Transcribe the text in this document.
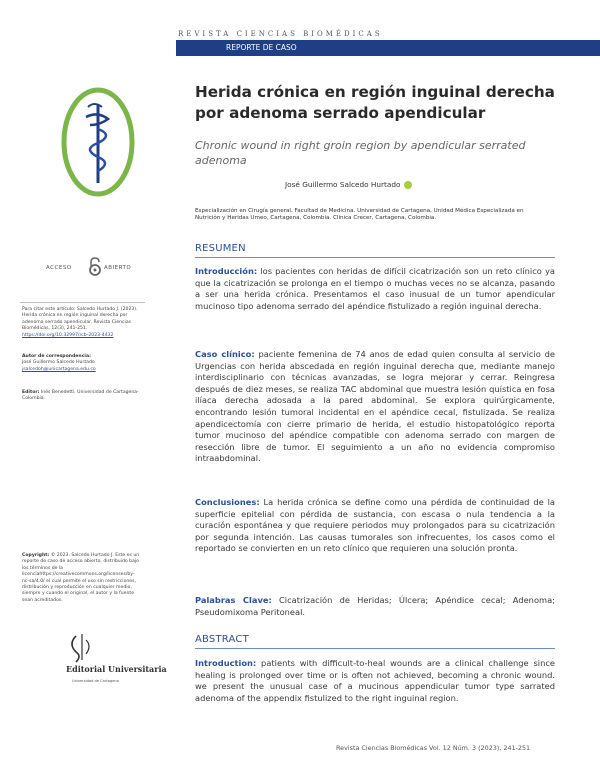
REVISTA CIENCIAS BIOMÉDICAS
REPORTE DE CASO
ACCESO	ABIERTO
Para citar este artículo: Salcedo Hurtado J. (2023). Herida crónica en región inguinal derecha por adenoma serrado apendicular. Revista Ciencias Biomédicas, 12(3), 241-251. https://doi.org/10.32997/rcb-2023-4432
Autor de correspondencia:
José Guillermo Salcedo Hurtado
jsalcedoh@unicartagena.edu.co
Editor: Inés Benedetti. Universidad de Cartagena-Colombia.
Copyright: © 2023. Salcedo Hurtado J. Este es un reporte de caso de acceso abierto, distribuido bajo los términos de la licenciahttps://creativecommons.org/licenses/by-nc-sa/4.0/ el cual permite el uso sin restricciones, distribución y reproducción en cualquier medio, siempre y cuando el original, el autor y la fuente sean acreditados.
Editorial Universitaria
Universidad de Cartagena
Herida crónica en región inguinal derecha por adenoma serrado apendicular
Chronic wound in right groin region by apendicular serrated adenoma
José Guillermo Salcedo Hurtado
Especialización en Cirugía general. Facultad de Medicina. Universidad de Cartagena, Unidad Médica Especializada en Nutrición y Heridas Umeo, Cartagena, Colombia. Clínica Crecer, Cartagena, Colombia.
RESUMEN
Introducción: los pacientes con heridas de difícil cicatrización son un reto clínico ya que la cicatrización se prolonga en el tiempo o muchas veces no se alcanza, pasando a ser una herida crónica. Presentamos el caso inusual de un tumor apendicular mucinoso tipo adenoma serrado del apéndice fistulizado a región inguinal derecha.
Caso clínico: paciente femenina de 74 anos de edad quien consulta al servicio de Urgencias con herida abscedada en región inguinal derecha que, mediante manejo interdisciplinario con técnicas avanzadas, se logra mejorar y cerrar. Reingresa después de diez meses, se realiza TAC abdominal que muestra lesión quística en fosa ilíaca derecha adosada a la pared abdominal. Se explora quirúrgicamente, encontrando lesión tumoral incidental en el apéndice cecal, fistulizada. Se realiza apendicectomía con cierre primario de herida, el estudio histopatológico reporta tumor mucinoso del apéndice compatible con adenoma serrado con margen de resección libre de tumor. El seguimiento a un año no evidencia compromiso intraabdominal.
Conclusiones: La herida crónica se define como una pérdida de continuidad de la superficie epitelial con pérdida de sustancia, con escasa o nula tendencia a la curación espontánea y que requiere periodos muy prolongados para su cicatrización por segunda intención. Las causas tumorales son infrecuentes, los casos como el reportado se convierten en un reto clínico que requieren una solución pronta.
Palabras Clave: Cicatrización de Heridas; Úlcera; Apéndice cecal; Adenoma; Pseudomixoma Peritoneal.
ABSTRACT
Introduction: patients with difficult-to-heal wounds are a clinical challenge since healing is prolonged over time or is often not achieved, becoming a chronic wound. we present the unusual case of a mucinous appendicular tumor type sarrated adenoma of the appendix fistulized to the right inguinal region.
Revista Ciencias Biomédicas Vol. 12 Núm. 3 (2023), 241-251
